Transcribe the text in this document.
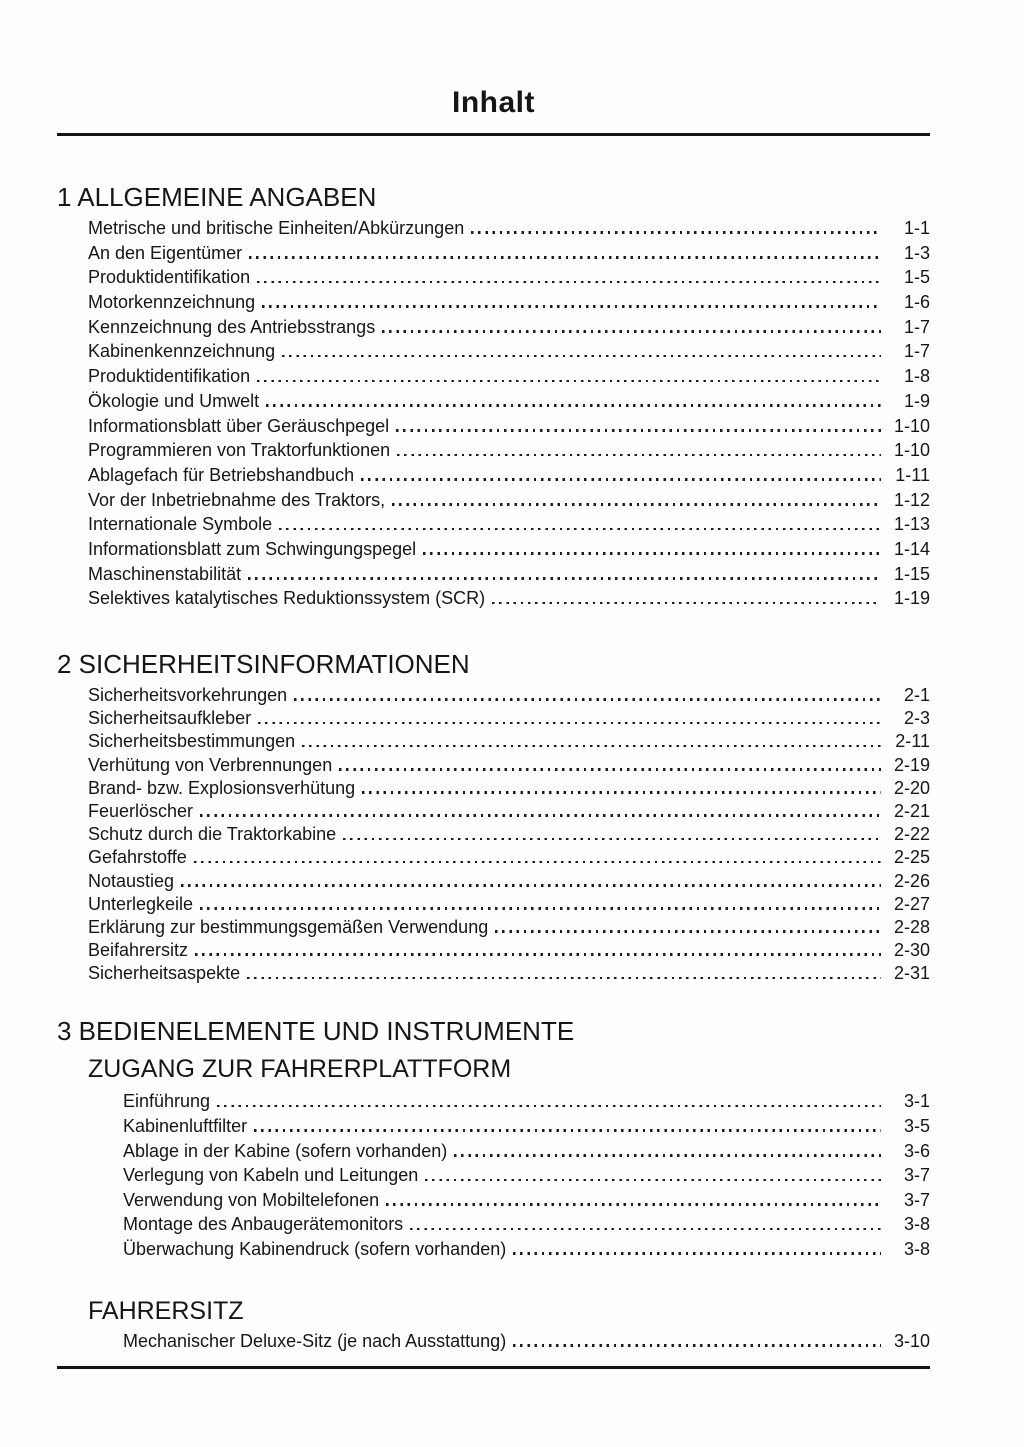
Inhalt
1 ALLGEMEINE ANGABEN
Metrische und britische Einheiten/Abkürzungen	1-1
An den Eigentümer	1-3
Produktidentifikation	1-5
Motorkennzeichnung	1-6
Kennzeichnung des Antriebsstrangs	1-7
Kabinenkennzeichnung	1-7
Produktidentifikation	1-8
Ökologie und Umwelt	1-9
Informationsblatt über Geräuschpegel	1-10
Programmieren von Traktorfunktionen	1-10
Ablagefach für Betriebshandbuch	1-11
Vor der Inbetriebnahme des Traktors,	1-12
Internationale Symbole	1-13
Informationsblatt zum Schwingungspegel	1-14
Maschinenstabilität	1-15
Selektives katalytisches Reduktionssystem (SCR)	1-19
2 SICHERHEITSINFORMATIONEN
Sicherheitsvorkehrungen	2-1
Sicherheitsaufkleber	2-3
Sicherheitsbestimmungen	2-11
Verhütung von Verbrennungen	2-19
Brand- bzw. Explosionsverhütung	2-20
Feuerlöscher	2-21
Schutz durch die Traktorkabine	2-22
Gefahrstoffe	2-25
Notaustieg	2-26
Unterlegkeile	2-27
Erklärung zur bestimmungsgemäßen Verwendung	2-28
Beifahrersitz	2-30
Sicherheitsaspekte	2-31
3 BEDIENELEMENTE UND INSTRUMENTE
ZUGANG ZUR FAHRERPLATTFORM
Einführung	3-1
Kabinenluftfilter	3-5
Ablage in der Kabine (sofern vorhanden)	3-6
Verlegung von Kabeln und Leitungen	3-7
Verwendung von Mobiltelefonen	3-7
Montage des Anbaugerätemonitors	3-8
Überwachung Kabinendruck (sofern vorhanden)	3-8
FAHRERSITZ
Mechanischer Deluxe-Sitz (je nach Ausstattung)	3-10
